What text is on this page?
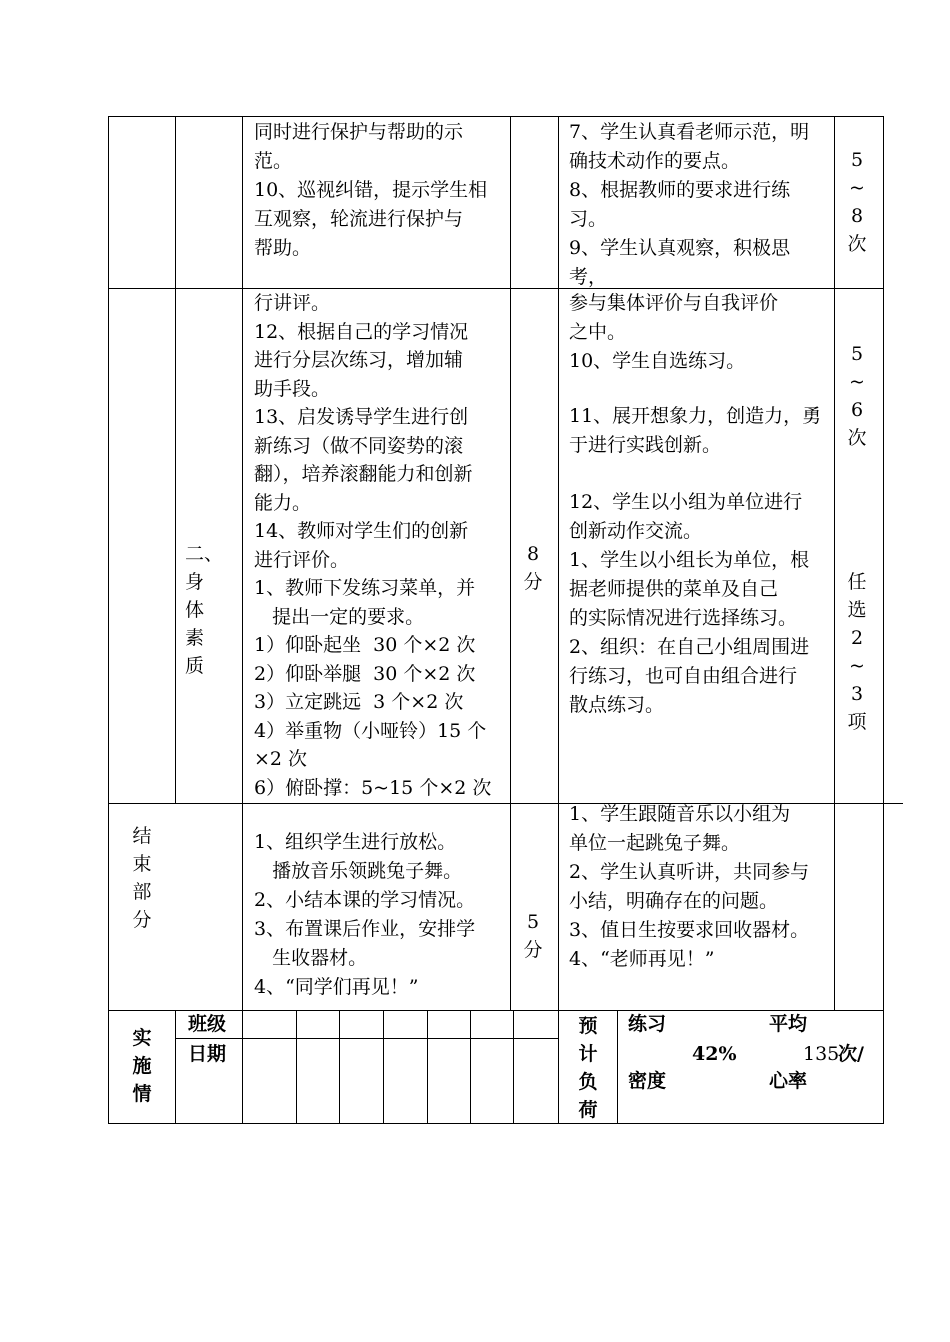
同时进行保护与帮助的示
范。
10、巡视纠错，提示学生相
互观察，轮流进行保护与
帮助。
7、学生认真看老师示范，明
确技术动作的要点。
8、根据教师的要求进行练
习。
9、学生认真观察，积极思
考，
5~
8
次
二、
身
体
素
质
行讲评。
12、根据自己的学习情况
进行分层次练习，增加辅
助手段。
13、启发诱导学生进行创
新练习（做不同姿势的滚
翻），培养滚翻能力和创新
能力。
14、教师对学生们的创新
进行评价。
1、教师下发练习菜单，并
提出一定的要求。
1）仰卧起坐  30 个×2 次
2）仰卧举腿  30 个×2 次
3）立定跳远  3 个×2 次
4）举重物（小哑铃）15 个
×2 次
6）俯卧撑：5~15 个×2 次
8
分
参与集体评价与自我评价
之中。
10、学生自选练习。
11、展开想象力，创造力，勇
于进行实践创新。
12、学生以小组为单位进行
创新动作交流。
1、学生以小组长为单位，根
据老师提供的菜单及自己
的实际情况进行选择练习。
2、组织：在自己小组周围进
行练习，也可自由组合进行
散点练习。
5~
6
次
任
选
2~
3
项
结
束
部
分
1、组织学生进行放松。
播放音乐领跳兔子舞。
2、小结本课的学习情况。
3、布置课后作业，安排学
生收器材。
4、“同学们再见！”
5
分
1、学生跟随音乐以小组为
单位一起跳兔子舞。
2、学生认真听讲，共同参与
小结，明确存在的问题。
3、值日生按要求回收器材。
4、“老师再见！”
实
施
情
班级
日期
预
计
负
荷
练习
42%
密度
平均
135
次/
心率
